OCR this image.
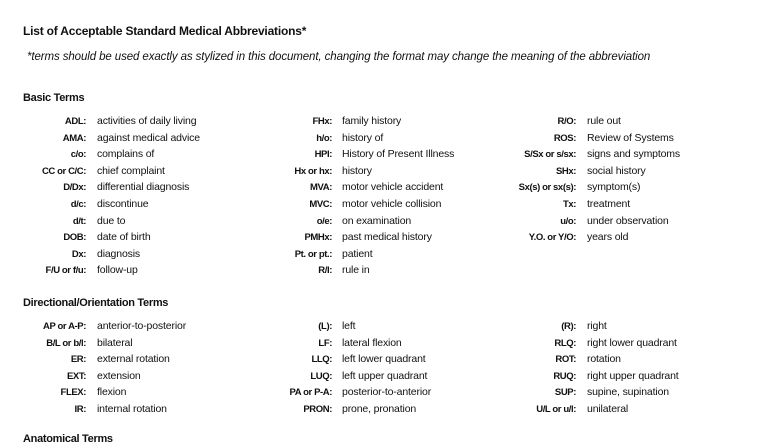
List of Acceptable Standard Medical Abbreviations*
*terms should be used exactly as stylized in this document, changing the format may change the meaning of the abbreviation
Basic Terms
ADL: activities of daily living
AMA: against medical advice
c/o: complains of
CC or C/C: chief complaint
D/Dx: differential diagnosis
d/c: discontinue
d/t: due to
DOB: date of birth
Dx: diagnosis
F/U or f/u: follow-up
FHx: family history
h/o: history of
HPI: History of Present Illness
Hx or hx: history
MVA: motor vehicle accident
MVC: motor vehicle collision
o/e: on examination
PMHx: past medical history
Pt. or pt.: patient
R/I: rule in
R/O: rule out
ROS: Review of Systems
S/Sx or s/sx: signs and symptoms
SHx: social history
Sx(s) or sx(s): symptom(s)
Tx: treatment
u/o: under observation
Y.O. or Y/O: years old
Directional/Orientation Terms
AP or A-P: anterior-to-posterior
B/L or b/l: bilateral
ER: external rotation
EXT: extension
FLEX: flexion
IR: internal rotation
(L): left
LF: lateral flexion
LLQ: left lower quadrant
LUQ: left upper quadrant
PA or P-A: posterior-to-anterior
PRON: prone, pronation
(R): right
RLQ: right lower quadrant
ROT: rotation
RUQ: right upper quadrant
SUP: supine, supination
U/L or u/l: unilateral
Anatomical Terms
